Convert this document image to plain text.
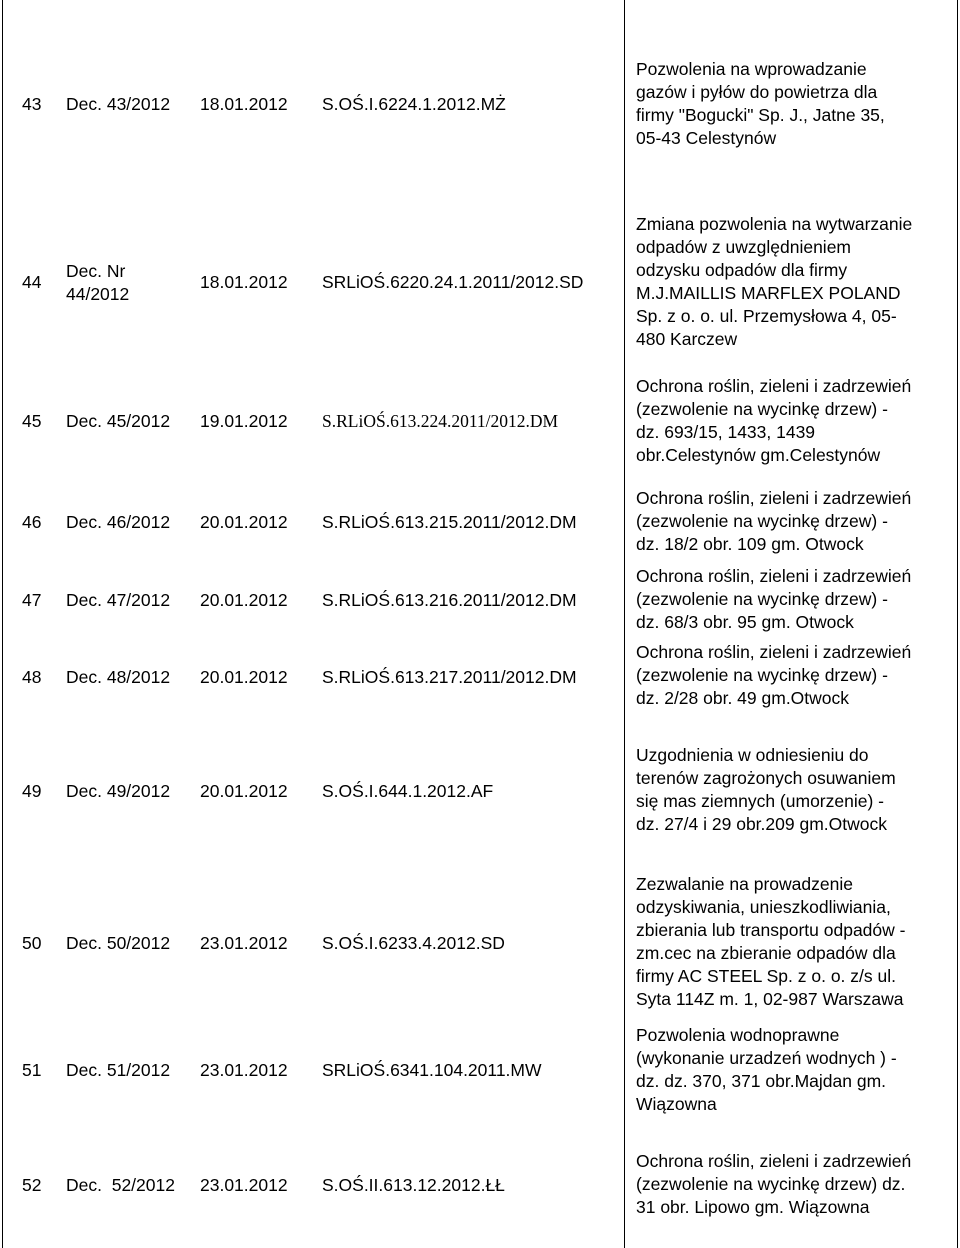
43 Dec. 43/2012 18.01.2012 S.OŚ.I.6224.1.2012.MŻ
Pozwolenia na wprowadzanie
gazów i pyłów do powietrza dla
firmy "Bogucki" Sp. J., Jatne 35,
05-43 Celestynów
44
Dec. Nr
44/2012
18.01.2012 SRLiOŚ.6220.24.1.2011/2012.SD
Zmiana pozwolenia na wytwarzanie
odpadów z uwzględnieniem
odzysku odpadów dla firmy
M.J.MAILLIS MARFLEX POLAND
Sp. z o. o. ul. Przemysłowa 4, 05-
480 Karczew
45 Dec. 45/2012 19.01.2012 S.RLiOŚ.613.224.2011/2012.DM
Ochrona roślin, zieleni i zadrzewień
(zezwolenie na wycinkę drzew) -
dz. 693/15, 1433, 1439
obr.Celestynów gm.Celestynów
46 Dec. 46/2012 20.01.2012 S.RLiOŚ.613.215.2011/2012.DM
Ochrona roślin, zieleni i zadrzewień
(zezwolenie na wycinkę drzew) -
dz. 18/2 obr. 109 gm. Otwock
47 Dec. 47/2012 20.01.2012 S.RLiOŚ.613.216.2011/2012.DM
Ochrona roślin, zieleni i zadrzewień
(zezwolenie na wycinkę drzew) -
dz. 68/3 obr. 95 gm. Otwock
48 Dec. 48/2012 20.01.2012 S.RLiOŚ.613.217.2011/2012.DM
Ochrona roślin, zieleni i zadrzewień
(zezwolenie na wycinkę drzew) -
dz. 2/28 obr. 49 gm.Otwock
49 Dec. 49/2012 20.01.2012 S.OŚ.I.644.1.2012.AF
Uzgodnienia w odniesieniu do
terenów zagrożonych osuwaniem
się mas ziemnych (umorzenie) -
dz. 27/4 i 29 obr.209 gm.Otwock
50 Dec. 50/2012 23.01.2012 S.OŚ.I.6233.4.2012.SD
Zezwalanie na prowadzenie
odzyskiwania, unieszkodliwiania,
zbierania lub transportu odpadów -
zm.cec na zbieranie odpadów dla
firmy AC STEEL Sp. z o. o. z/s ul.
Syta 114Z m. 1, 02-987 Warszawa
51 Dec. 51/2012 23.01.2012 SRLiOŚ.6341.104.2011.MW
Pozwolenia wodnoprawne
(wykonanie urzadzeń wodnych ) -
dz. dz. 370, 371 obr.Majdan gm.
Wiązowna
52 Dec.  52/2012 23.01.2012 S.OŚ.II.613.12.2012.ŁŁ
Ochrona roślin, zieleni i zadrzewień
(zezwolenie na wycinkę drzew) dz.
31 obr. Lipowo gm. Wiązowna
